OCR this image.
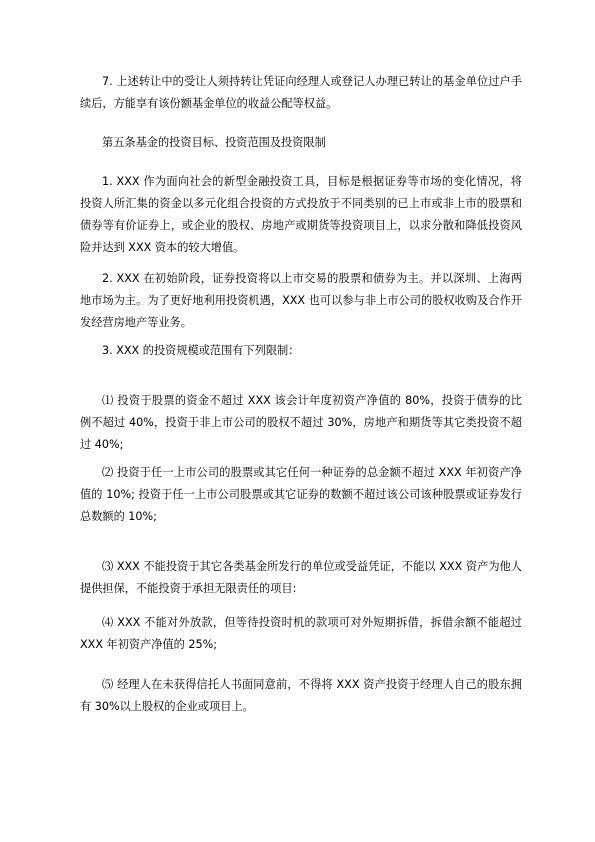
7. 上述转让中的受让人须持转让凭证向经理人或登记人办理已转让的基金单位过户手续后，方能享有该份额基金单位的收益公配等权益。

第五条基金的投资目标、投资范围及投资限制

1. XXX 作为面向社会的新型金融投资工具，目标是根据证券等市场的变化情况，将投资人所汇集的资金以多元化组合投资的方式投放于不同类别的已上市或非上市的股票和债券等有价证券上，或企业的股权、房地产或期货等投资项目上，以求分散和降低投资风险并达到 XXX 资本的较大增值。

2. XXX 在初始阶段，证券投资将以上市交易的股票和债券为主。并以深圳、上海两地市场为主。为了更好地利用投资机遇，XXX 也可以参与非上市公司的股权收购及合作开发经营房地产等业务。

3. XXX 的投资规模或范围有下列限制：

⑴ 投资于股票的资金不超过 XXX 该会计年度初资产净值的 80%，投资于债券的比例不超过 40%，投资于非上市公司的股权不超过 30%，房地产和期货等其它类投资不超过 40%;

⑵ 投资于任一上市公司的股票或其它任何一种证券的总金额不超过 XXX 年初资产净值的 10%; 投资于任一上市公司股票或其它证券的数额不超过该公司该种股票或证券发行总数额的 10%;

⑶ XXX 不能投资于其它各类基金所发行的单位或受益凭证，不能以 XXX 资产为他人提供担保，不能投资于承担无限责任的项目:

⑷ XXX 不能对外放款，但等待投资时机的款项可对外短期拆借，拆借余额不能超过 XXX 年初资产净值的 25%;

⑸ 经理人在未获得信托人书面同意前，不得将 XXX 资产投资于经理人自己的股东拥有 30%以上股权的企业或项目上。
